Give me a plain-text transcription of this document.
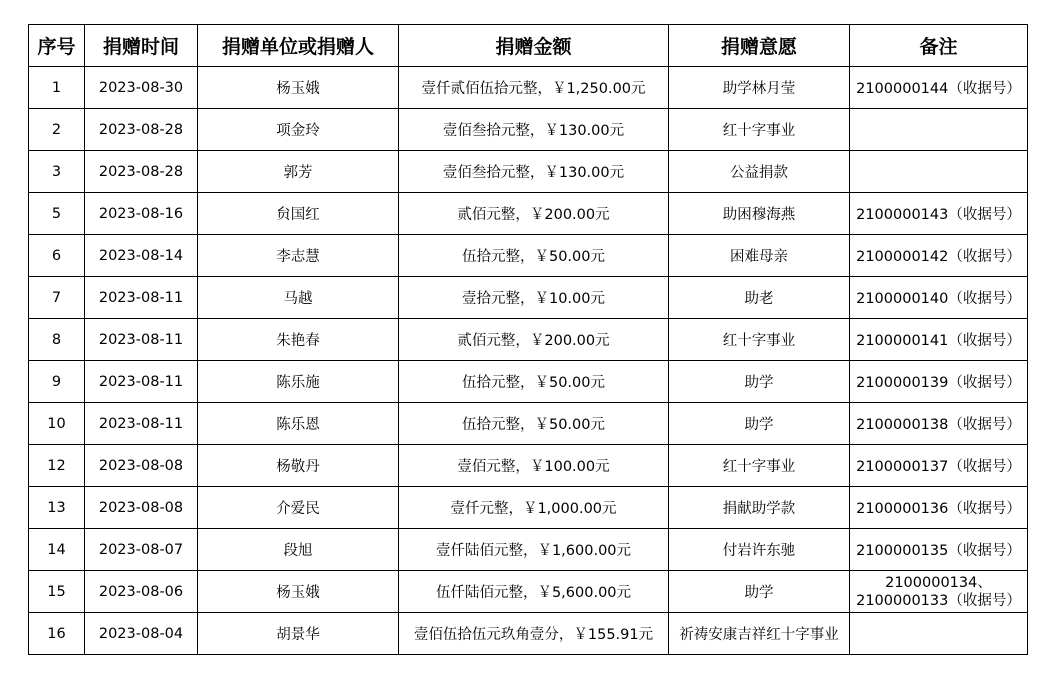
序号	捐赠时间	捐赠单位或捐赠人	捐赠金额	捐赠意愿	备注
1	2023-08-30	杨玉娥	壹仟贰佰伍拾元整，￥1,250.00元	助学林月莹	2100000144（收据号）
2	2023-08-28	项金玲	壹佰叁拾元整，￥130.00元	红十字事业	
3	2023-08-28	郭芳	壹佰叁拾元整，￥130.00元	公益捐款	
5	2023-08-16	贠国红	贰佰元整，￥200.00元	助困穆海燕	2100000143（收据号）
6	2023-08-14	李志慧	伍拾元整，￥50.00元	困难母亲	2100000142（收据号）
7	2023-08-11	马越	壹拾元整，￥10.00元	助老	2100000140（收据号）
8	2023-08-11	朱艳春	贰佰元整，￥200.00元	红十字事业	2100000141（收据号）
9	2023-08-11	陈乐施	伍拾元整，￥50.00元	助学	2100000139（收据号）
10	2023-08-11	陈乐恩	伍拾元整，￥50.00元	助学	2100000138（收据号）
12	2023-08-08	杨敬丹	壹佰元整，￥100.00元	红十字事业	2100000137（收据号）
13	2023-08-08	介爱民	壹仟元整，￥1,000.00元	捐献助学款	2100000136（收据号）
14	2023-08-07	段旭	壹仟陆佰元整，￥1,600.00元	付岩许东驰	2100000135（收据号）
15	2023-08-06	杨玉娥	伍仟陆佰元整，￥5,600.00元	助学	2100000134、2100000133（收据号）
16	2023-08-04	胡景华	壹佰伍拾伍元玖角壹分，￥155.91元	祈祷安康吉祥红十字事业	
